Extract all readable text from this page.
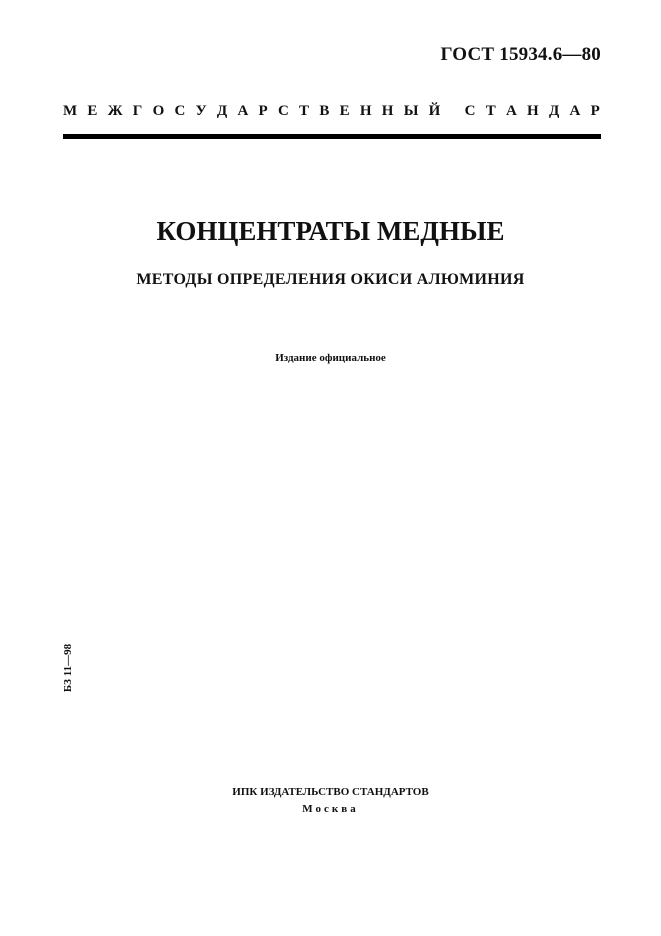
ГОСТ 15934.6—80
М Е Ж Г О С У Д А Р С Т В Е Н Н Ы Й
С Т А Н Д А Р
КОНЦЕНТРАТЫ МЕДНЫЕ
МЕТОДЫ ОПРЕДЕЛЕНИЯ ОКИСИ АЛЮМИНИЯ
Издание официальное
БЗ 11—98
ИПК ИЗДАТЕЛЬСТВО СТАНДАРТОВ
Москва
